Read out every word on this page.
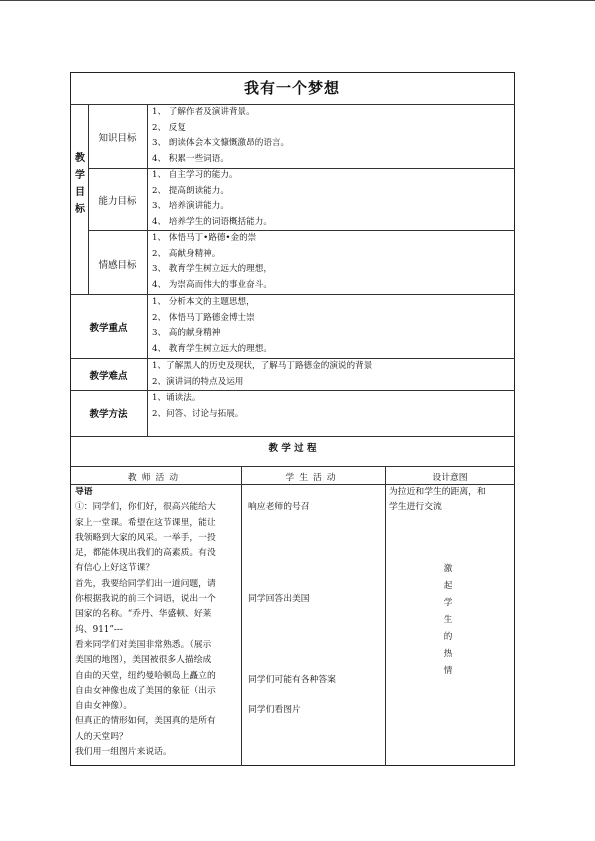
我有一个梦想
教
学
目
标
知识目标
1、 了解作者及演讲背景。
2、 反复
3、 朗读体会本文慷慨激昂的语言。
4、 积累一些词语。
能力目标
1、 自主学习的能力。
2、 提高朗读能力。
3、 培养演讲能力。
4、 培养学生的词语概括能力。
情感目标
1、 体悟马丁•路德•金的崇
2、 高献身精神。
3、 教育学生树立远大的理想，
4、 为崇高而伟大的事业奋斗。
教学重点
1、 分析本文的主题思想，
2、 体悟马丁路德金博士崇
3、 高的献身精神
4、 教育学生树立远大的理想。
教学难点
1、了解黑人的历史及现状，了解马丁路德金的演说的背景
2、演讲词的特点及运用
教学方法
1、诵读法。
2、问答、讨论与拓展。
教 学 过 程
教师活动	学生活动	设计意图
导语
①：同学们，你们好，很高兴能给大
家上一堂课。希望在这节课里，能让
我领略到大家的风采。一举手，一投
足，都能体现出我们的高素质。有没
有信心上好这节课？
首先，我要给同学们出一道问题，请
你根据我说的前三个词语，说出一个
国家的名称。“乔丹、华盛顿、好莱
坞、911”---
看来同学们对美国非常熟悉。（展示
美国的地图），美国被很多人描绘成
自由的天堂，纽约曼哈顿岛上矗立的
自由女神像也成了美国的象征（出示
自由女神像）。
但真正的情形如何，美国真的是所有
人的天堂吗？
我们用一组图片来说话。
响应老师的号召
同学回答出美国
同学们可能有各种答案
同学们看图片
为拉近和学生的距离，和
学生进行交流
激
起
学
生
的
热
情
